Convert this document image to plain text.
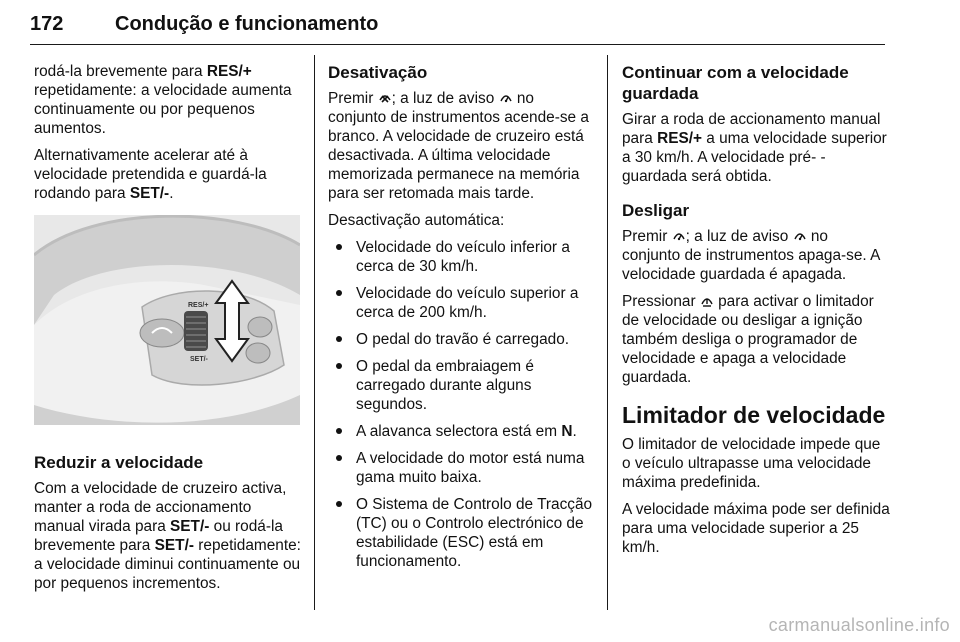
172	Condução e funcionamento

rodá-la brevemente para RES/+ repetidamente: a velocidade aumenta continuamente ou por pequenos aumentos.

Alternativamente acelerar até à velocidade pretendida e guardá-la rodando para SET/-.

RES/+
SET/-
Reduzir a velocidade

Com a velocidade de cruzeiro activa, manter a roda de accionamento manual virada para SET/- ou rodá-la brevemente para SET/- repetidamente: a velocidade diminui continuamente ou por pequenos incrementos.

Desativação

Premir ; a luz de aviso  no conjunto de instrumentos acende-se a branco. A velocidade de cruzeiro está desactivada. A última velocidade memorizada permanece na memória para ser retomada mais tarde.

Desactivação automática:

Velocidade do veículo inferior a cerca de 30 km/h.
Velocidade do veículo superior a cerca de 200 km/h.
O pedal do travão é carregado.
O pedal da embraiagem é carregado durante alguns segundos.
A alavanca selectora está em N.
A velocidade do motor está numa gama muito baixa.
O Sistema de Controlo de Tracção (TC) ou o Controlo electrónico de estabilidade (ESC) está em funcionamento.
Continuar com a velocidade guardada

Girar a roda de accionamento manual para RES/+ a uma velocidade superior a 30 km/h. A velocidade pré- -guardada será obtida.

Desligar

Premir ; a luz de aviso  no conjunto de instrumentos apaga-se. A velocidade guardada é apagada.

Pressionar  para activar o limitador de velocidade ou desligar a ignição também desliga o programador de velocidade e apaga a velocidade guardada.

Limitador de velocidade

O limitador de velocidade impede que o veículo ultrapasse uma velocidade máxima predefinida.

A velocidade máxima pode ser definida para uma velocidade superior a 25 km/h.

carmanualsonline.info
